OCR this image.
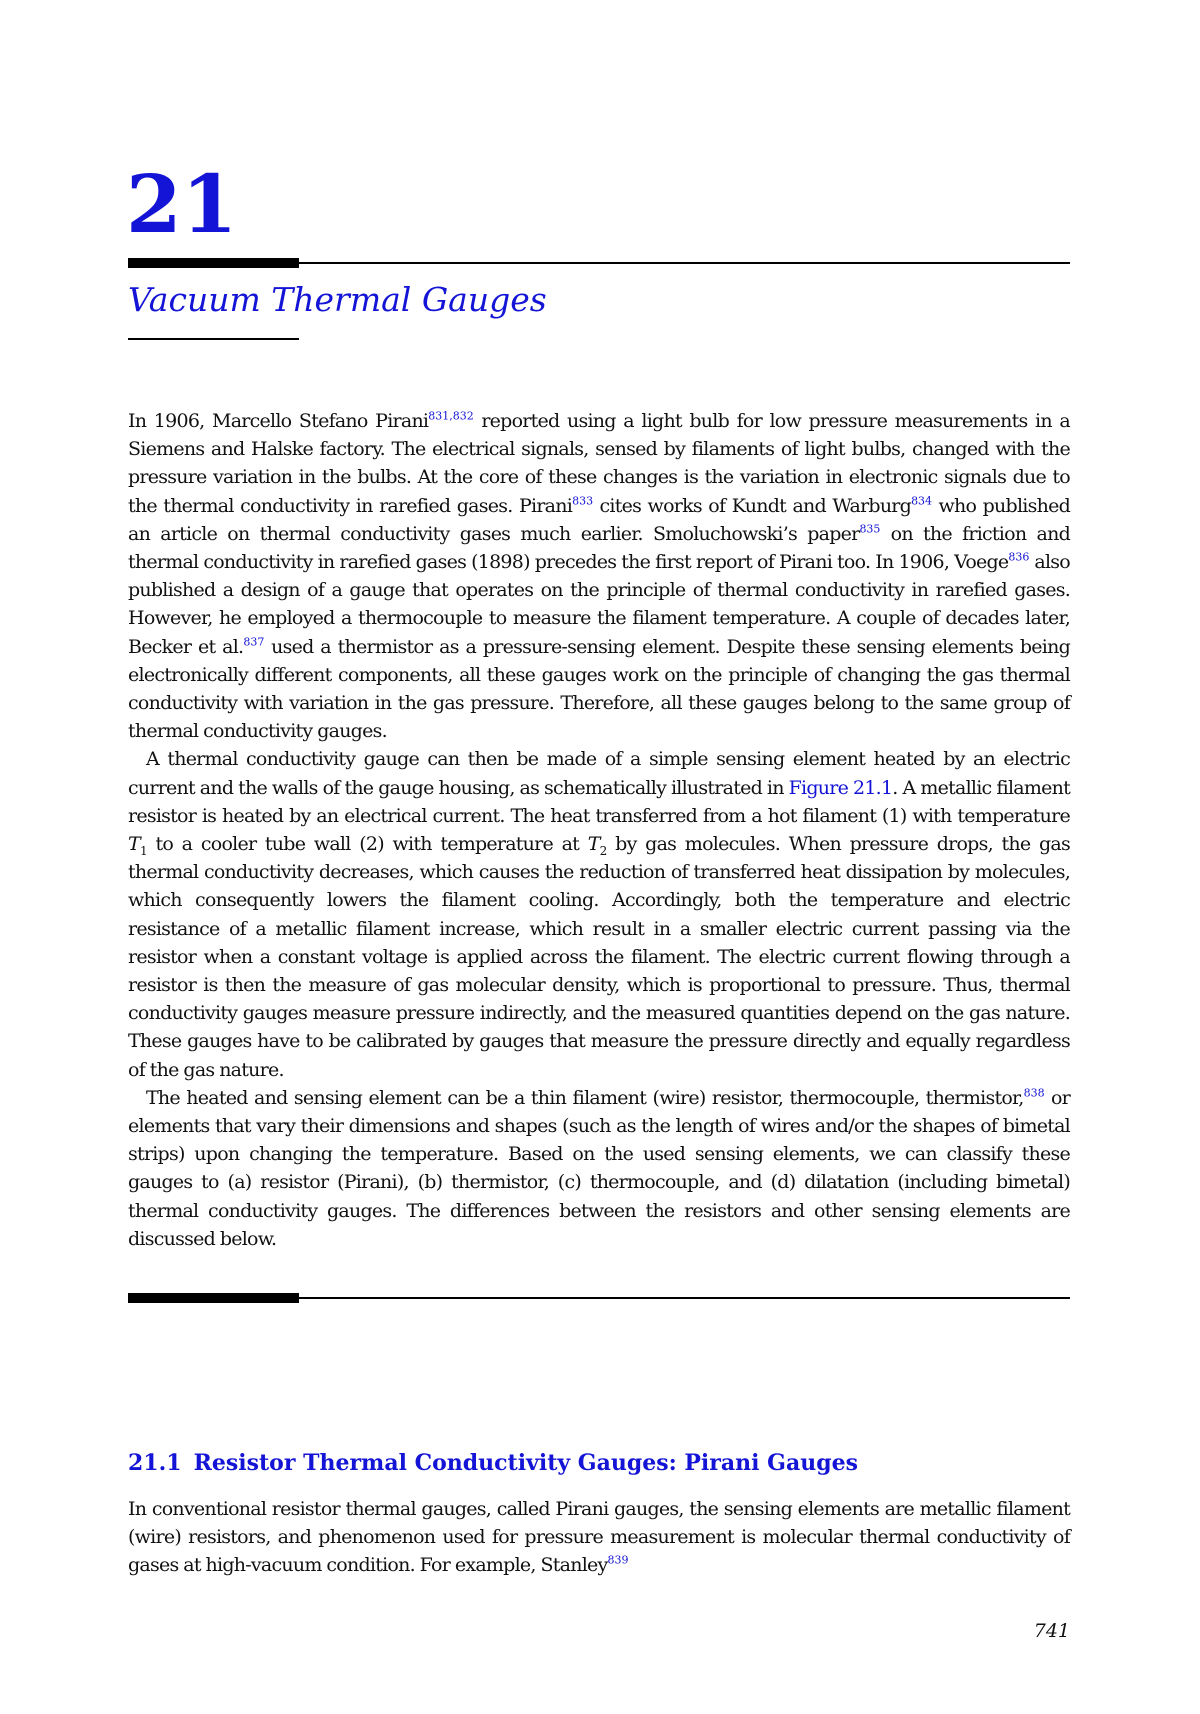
21
Vacuum Thermal Gauges

In 1906, Marcello Stefano Pirani$^{831,832}$ reported using a light bulb for low pressure measurements in a Siemens and Halske factory. The electrical signals, sensed by filaments of light bulbs, changed with the pressure variation in the bulbs. At the core of these changes is the variation in electronic signals due to the thermal conductivity in rarefied gases. Pirani$^{833}$ cites works of Kundt and Warburg$^{834}$ who published an article on thermal conductivity gases much earlier. Smoluchowski’s paper$^{835}$ on the friction and thermal conductivity in rarefied gases (1898) precedes the first report of Pirani too. In 1906, Voege$^{836}$ also published a design of a gauge that operates on the principle of thermal conductivity in rarefied gases. However, he employed a thermocouple to measure the filament temperature. A couple of decades later, Becker et al.$^{837}$ used a thermistor as a pressure-sensing element. Despite these sensing elements being electronically different components, all these gauges work on the principle of changing the gas thermal conductivity with variation in the gas pressure. Therefore, all these gauges belong to the same group of thermal conductivity gauges.

A thermal conductivity gauge can then be made of a simple sensing element heated by an electric current and the walls of the gauge housing, as schematically illustrated in Figure 21.1. A metallic filament resistor is heated by an electrical current. The heat transferred from a hot filament (1) with temperature $T_1$ to a cooler tube wall (2) with temperature at $T_2$ by gas molecules. When pressure drops, the gas thermal conductivity decreases, which causes the reduction of transferred heat dissipation by molecules, which consequently lowers the filament cooling. Accordingly, both the temperature and electric resistance of a metallic filament increase, which result in a smaller electric current passing via the resistor when a constant voltage is applied across the filament. The electric current flowing through a resistor is then the measure of gas molecular density, which is proportional to pressure. Thus, thermal conductivity gauges measure pressure indirectly, and the measured quantities depend on the gas nature. These gauges have to be calibrated by gauges that measure the pressure directly and equally regardless of the gas nature.

The heated and sensing element can be a thin filament (wire) resistor, thermocouple, thermistor,$^{838}$ or elements that vary their dimensions and shapes (such as the length of wires and/or the shapes of bimetal strips) upon changing the temperature. Based on the used sensing elements, we can classify these gauges to (a) resistor (Pirani), (b) thermistor, (c) thermocouple, and (d) dilatation (including bimetal) thermal conductivity gauges. The differences between the resistors and other sensing elements are discussed below.

21.1 Resistor Thermal Conductivity Gauges: Pirani Gauges

In conventional resistor thermal gauges, called Pirani gauges, the sensing elements are metallic filament (wire) resistors, and phenomenon used for pressure measurement is molecular thermal conductivity of gases at high-vacuum condition. For example, Stanley$^{839}$

741
